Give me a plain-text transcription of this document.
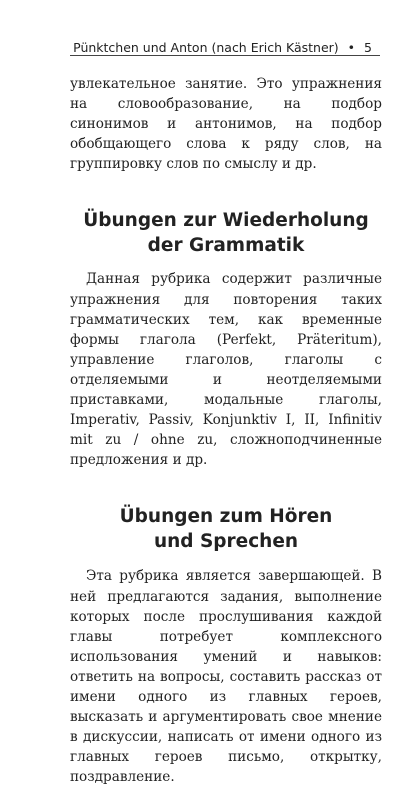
Pünktchen und Anton (nach Erich Kästner) • 5

увлекательное занятие. Это упражнения на словообразование, на подбор синонимов и антонимов, на подбор обобщающего слова к ряду слов, на группировку слов по смыслу и др.

Übungen zur Wiederholung
der Grammatik

Данная рубрика содержит различные упражнения для повторения таких грамматических тем, как временные формы глагола (Perfekt, Präteritum), управление глаголов, глаголы с отделяемыми и неотделяемыми приставками, модальные глаголы, Imperativ, Passiv, Konjunktiv I, II, Infinitiv mit zu / ohne zu, сложноподчиненные предложения и др.

Übungen zum Hören
und Sprechen

Эта рубрика является завершающей. В ней предлагаются задания, выполнение которых после прослушивания каждой главы потребует комплексного использования умений и навыков: ответить на вопросы, составить рассказ от имени одного из главных героев, высказать и аргументировать свое мнение в дискуссии, написать от имени одного из главных героев письмо, открытку, поздравление.
